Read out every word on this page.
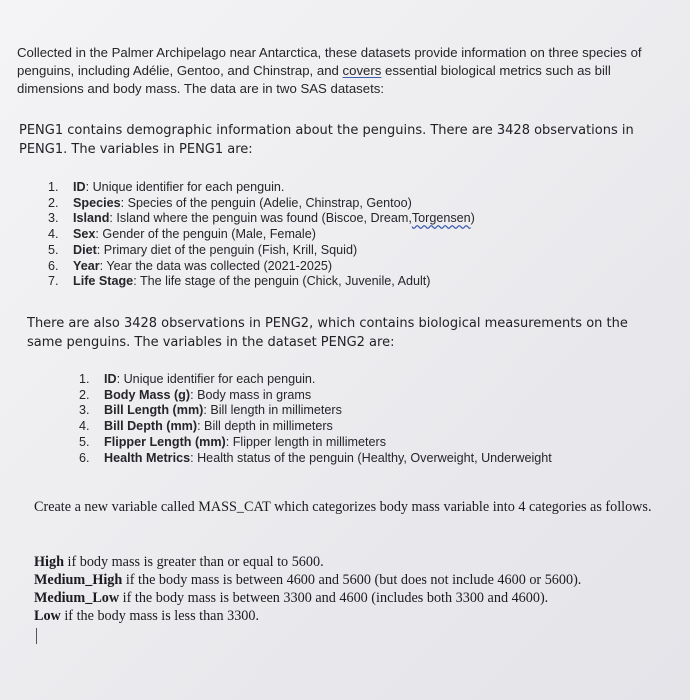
Collected in the Palmer Archipelago near Antarctica, these datasets provide information on three species of penguins, including Adélie, Gentoo, and Chinstrap, and covers essential biological metrics such as bill dimensions and body mass. The data are in two SAS datasets:

PENG1 contains demographic information about the penguins. There are 3428 observations in PENG1. The variables in PENG1 are:

1.	ID : Unique identifier for each penguin.
2.	Species : Species of the penguin (Adelie, Chinstrap, Gentoo)
3.	Island : Island where the penguin was found (Biscoe, Dream, Torgensen )
4.	Sex : Gender of the penguin (Male, Female)
5.	Diet : Primary diet of the penguin (Fish, Krill, Squid)
6.	Year : Year the data was collected (2021-2025)
7.	Life Stage : The life stage of the penguin (Chick, Juvenile, Adult)

There are also 3428 observations in PENG2, which contains biological measurements on the same penguins. The variables in the dataset PENG2 are:

1.	ID : Unique identifier for each penguin.
2.	Body Mass (g) : Body mass in grams
3.	Bill Length (mm) : Bill length in millimeters
4.	Bill Depth (mm) : Bill depth in millimeters
5.	Flipper Length (mm) : Flipper length in millimeters
6.	Health Metrics : Health status of the penguin (Healthy, Overweight, Underweight

Create a new variable called MASS_CAT which categorizes body mass variable into 4 categories as follows.

High if body mass is greater than or equal to 5600.
Medium_High if the body mass is between 4600 and 5600 (but does not include 4600 or 5600).
Medium_Low if the body mass is between 3300 and 4600 (includes both 3300 and 4600).
Low if the body mass is less than 3300.
